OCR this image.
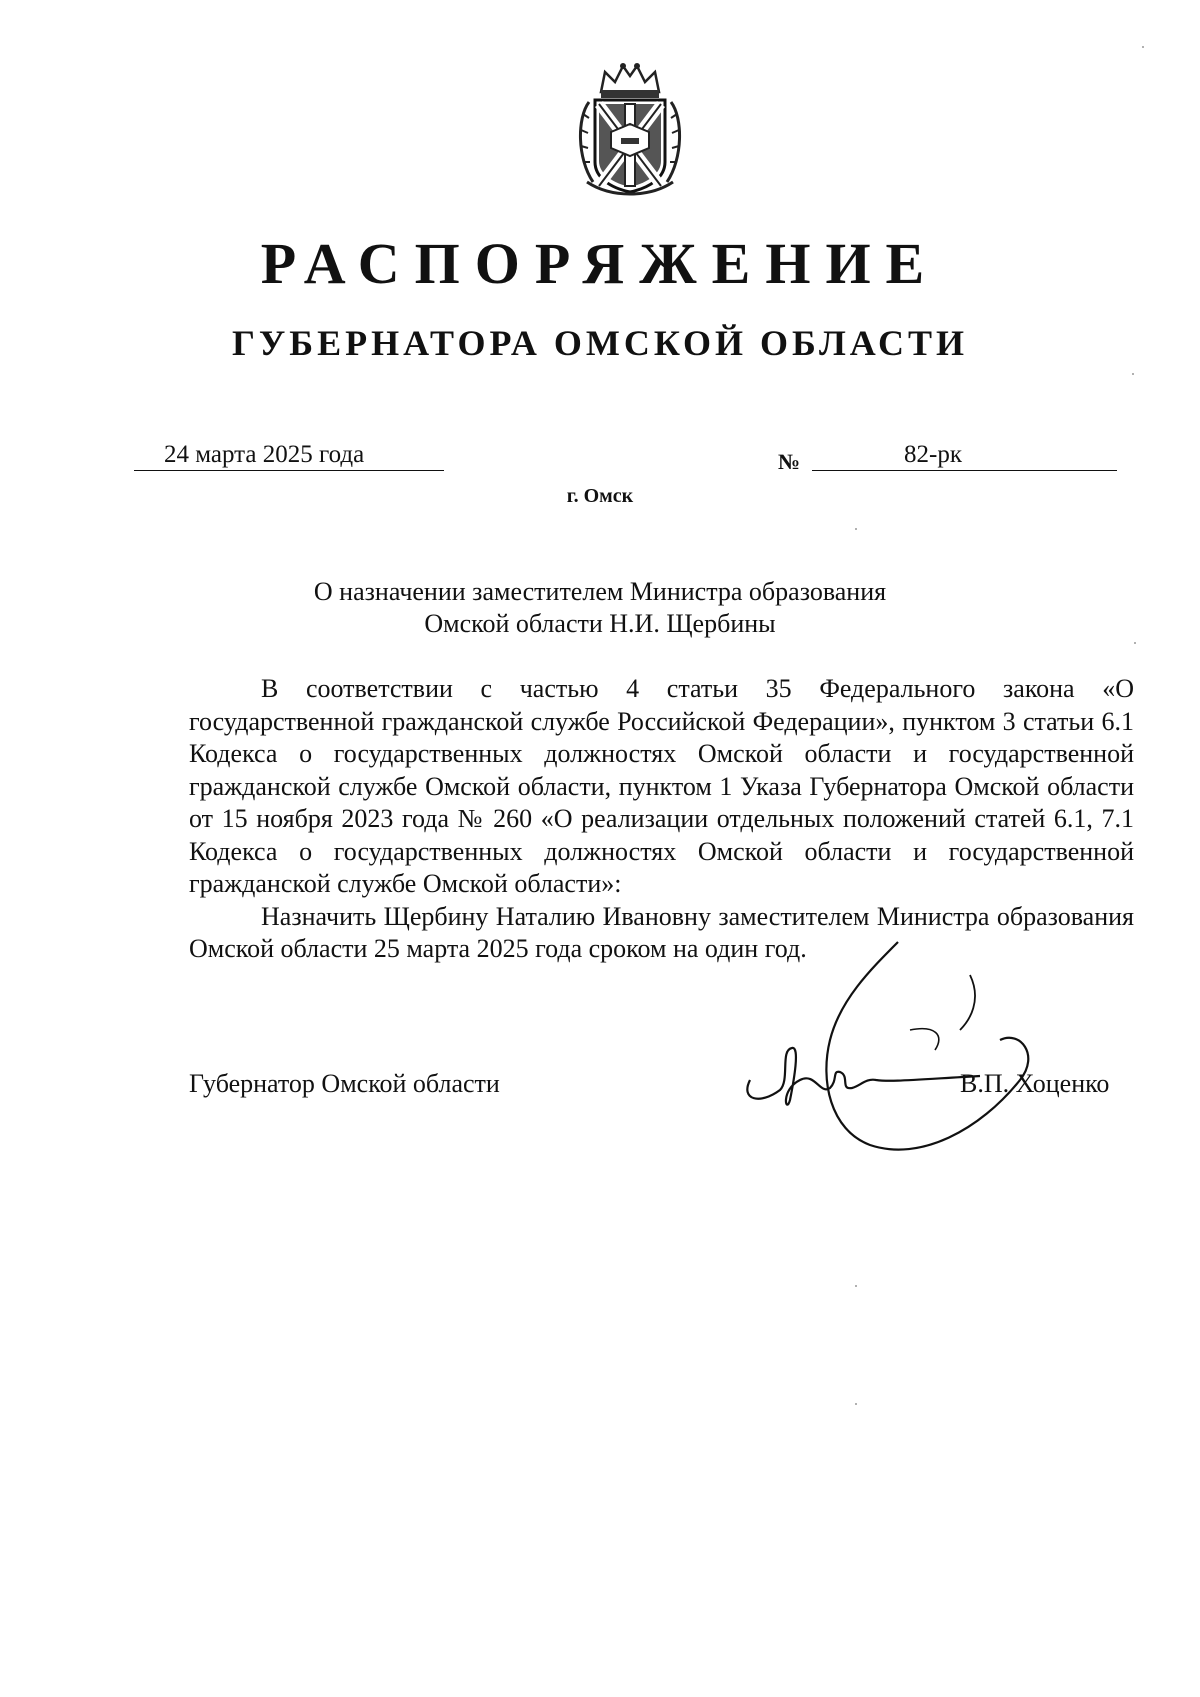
РАСПОРЯЖЕНИЕ
ГУБЕРНАТОРА ОМСКОЙ ОБЛАСТИ
24 марта 2025 года	№	82-рк
г. Омск
О назначении заместителем Министра образования
Омской области Н.И. Щербины

В соответствии с частью 4 статьи 35 Федерального закона «О государственной гражданской службе Российской Федерации», пунктом 3 статьи 6.1 Кодекса о государственных должностях Омской области и государственной гражданской службе Омской области, пунктом 1 Указа Губернатора Омской области от 15 ноября 2023 года № 260 «О реализации отдельных положений статей 6.1, 7.1 Кодекса о государственных должностях Омской области и государственной гражданской службе Омской области»:

Назначить Щербину Наталию Ивановну заместителем Министра образования Омской области 25 марта 2025 года сроком на один год.

Губернатор Омской области	В.П. Хоценко
